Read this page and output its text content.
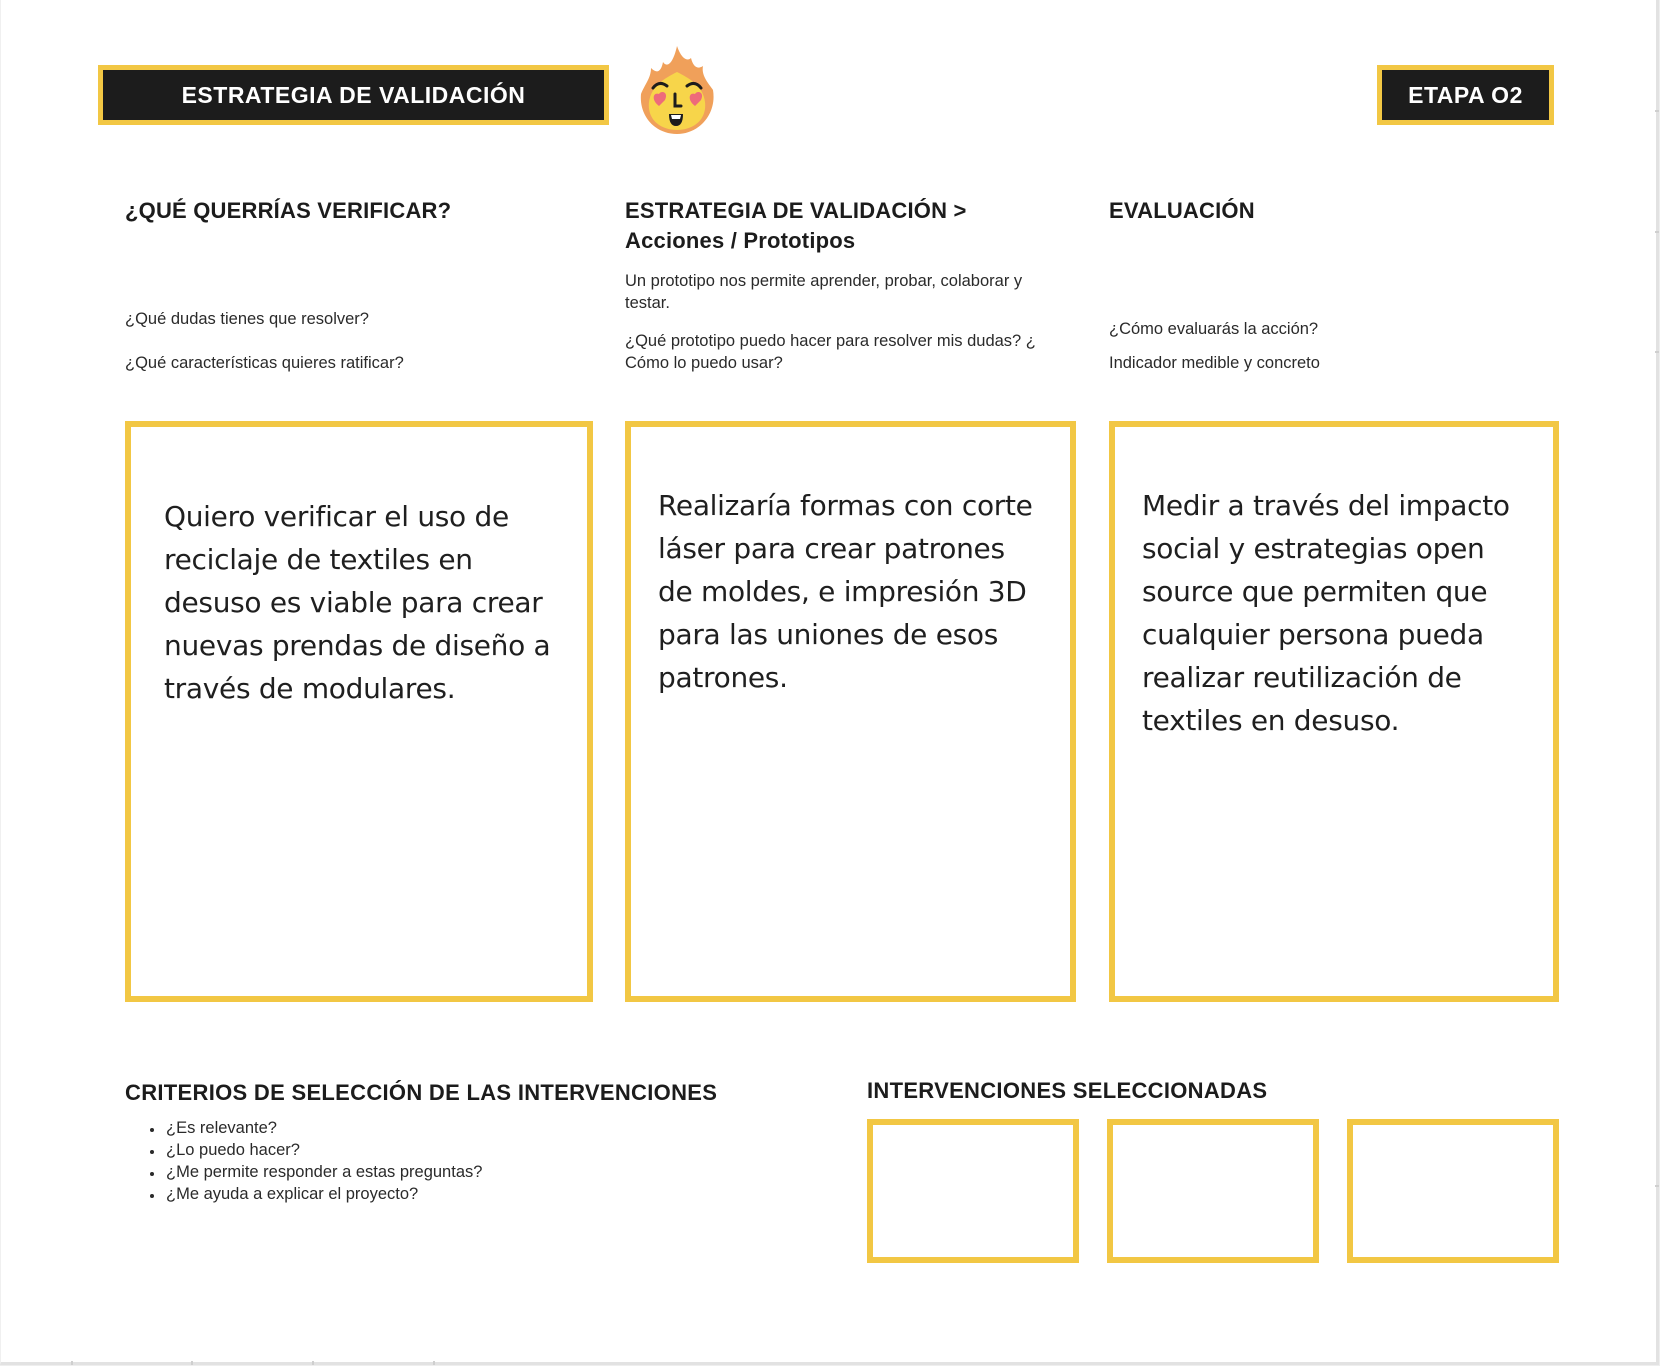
ESTRATEGIA DE VALIDACIÓN	ETAPA O2
¿QUÉ QUERRÍAS VERIFICAR?
¿Qué dudas tienes que resolver?
¿Qué características quieres ratificar?
Quiero verificar el uso de reciclaje de textiles en desuso es viable para crear nuevas prendas de diseño a través de modulares.
ESTRATEGIA DE VALIDACIÓN >
Acciones / Prototipos
Un prototipo nos permite aprender, probar, colaborar y testar.
¿Qué prototipo puedo hacer para resolver mis dudas? ¿ Cómo lo puedo usar?
Realizaría formas con corte láser para crear patrones de moldes, e impresión 3D para las uniones de esos patrones.
EVALUACIÓN
¿Cómo evaluarás la acción?
Indicador medible y concreto
Medir a través del impacto social y estrategias open source que permiten que cualquier persona pueda realizar reutilización de textiles en desuso.
CRITERIOS DE SELECCIÓN DE LAS INTERVENCIONES
• ¿Es relevante?
• ¿Lo puedo hacer?
• ¿Me permite responder a estas preguntas?
• ¿Me ayuda a explicar el proyecto?
INTERVENCIONES SELECCIONADAS
